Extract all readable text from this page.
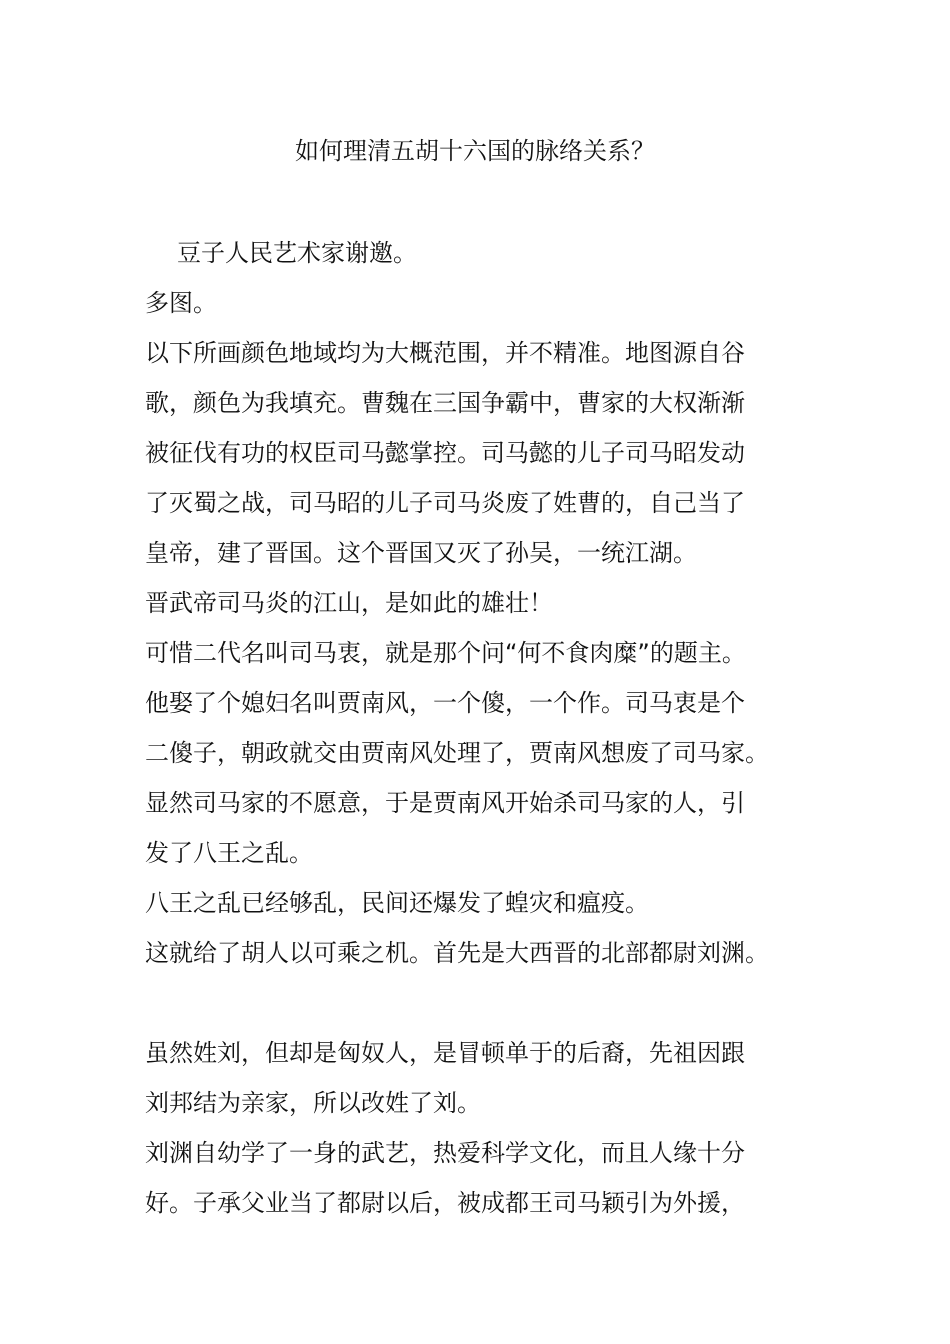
如何理清五胡十六国的脉络关系？
豆子人民艺术家谢邀。
多图。
以下所画颜色地域均为大概范围，并不精准。地图源自谷
歌，颜色为我填充。曹魏在三国争霸中，曹家的大权渐渐
被征伐有功的权臣司马懿掌控。司马懿的儿子司马昭发动
了灭蜀之战，司马昭的儿子司马炎废了姓曹的，自己当了
皇帝，建了晋国。这个晋国又灭了孙吴，一统江湖。
晋武帝司马炎的江山，是如此的雄壮！
可惜二代名叫司马衷，就是那个问“何不食肉糜”的题主。
他娶了个媳妇名叫贾南风，一个傻，一个作。司马衷是个
二傻子，朝政就交由贾南风处理了，贾南风想废了司马家。
显然司马家的不愿意，于是贾南风开始杀司马家的人，引
发了八王之乱。
八王之乱已经够乱，民间还爆发了蝗灾和瘟疫。
这就给了胡人以可乘之机。首先是大西晋的北部都尉刘渊。
虽然姓刘，但却是匈奴人，是冒顿单于的后裔，先祖因跟
刘邦结为亲家，所以改姓了刘。
刘渊自幼学了一身的武艺，热爱科学文化，而且人缘十分
好。子承父业当了都尉以后，被成都王司马颖引为外援，
